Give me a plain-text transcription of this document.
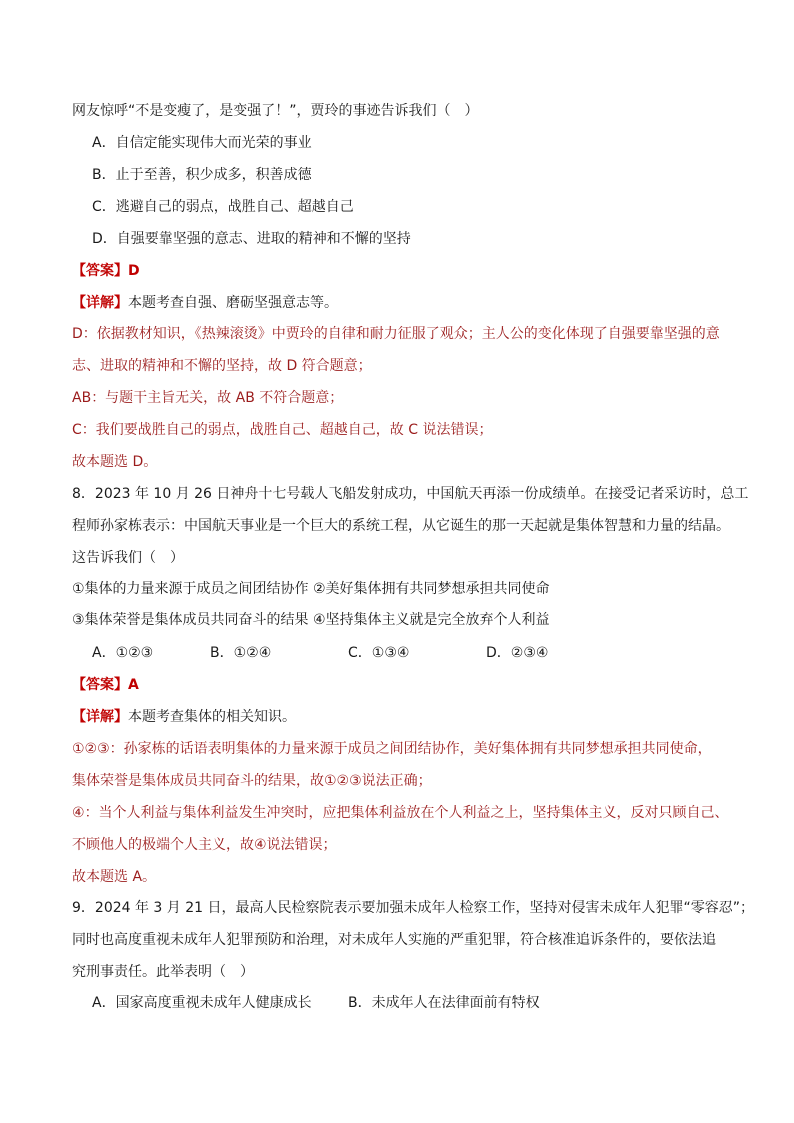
网友惊呼“不是变瘦了，是变强了！”，贾玲的事迹告诉我们（　）
A．自信定能实现伟大而光荣的事业
B．止于至善，积少成多，积善成德
C．逃避自己的弱点，战胜自己、超越自己
D．自强要靠坚强的意志、进取的精神和不懈的坚持
【答案】D
【详解】本题考查自强、磨砺坚强意志等。
D：依据教材知识，《热辣滚烫》中贾玲的自律和耐力征服了观众；主人公的变化体现了自强要靠坚强的意
志、进取的精神和不懈的坚持，故 D 符合题意；
AB：与题干主旨无关，故 AB 不符合题意；
C：我们要战胜自己的弱点，战胜自己、超越自己，故 C 说法错误；
故本题选 D。
8．2023 年 10 月 26 日神舟十七号载人飞船发射成功，中国航天再添一份成绩单。在接受记者采访时，总工
程师孙家栋表示：中国航天事业是一个巨大的系统工程，从它诞生的那一天起就是集体智慧和力量的结晶。
这告诉我们（　）
①集体的力量来源于成员之间团结协作 ②美好集体拥有共同梦想承担共同使命
③集体荣誉是集体成员共同奋斗的结果 ④坚持集体主义就是完全放弃个人利益
A．①②③	B．①②④	C．①③④	D．②③④
【答案】A
【详解】本题考查集体的相关知识。
①②③：孙家栋的话语表明集体的力量来源于成员之间团结协作，美好集体拥有共同梦想承担共同使命，
集体荣誉是集体成员共同奋斗的结果，故①②③说法正确；
④：当个人利益与集体利益发生冲突时，应把集体利益放在个人利益之上，坚持集体主义，反对只顾自己、
不顾他人的极端个人主义，故④说法错误；
故本题选 A。
9．2024 年 3 月 21 日，最高人民检察院表示要加强未成年人检察工作，坚持对侵害未成年人犯罪“零容忍”；
同时也高度重视未成年人犯罪预防和治理，对未成年人实施的严重犯罪，符合核准追诉条件的，要依法追
究刑事责任。此举表明（　）
A．国家高度重视未成年人健康成长	B．未成年人在法律面前有特权
